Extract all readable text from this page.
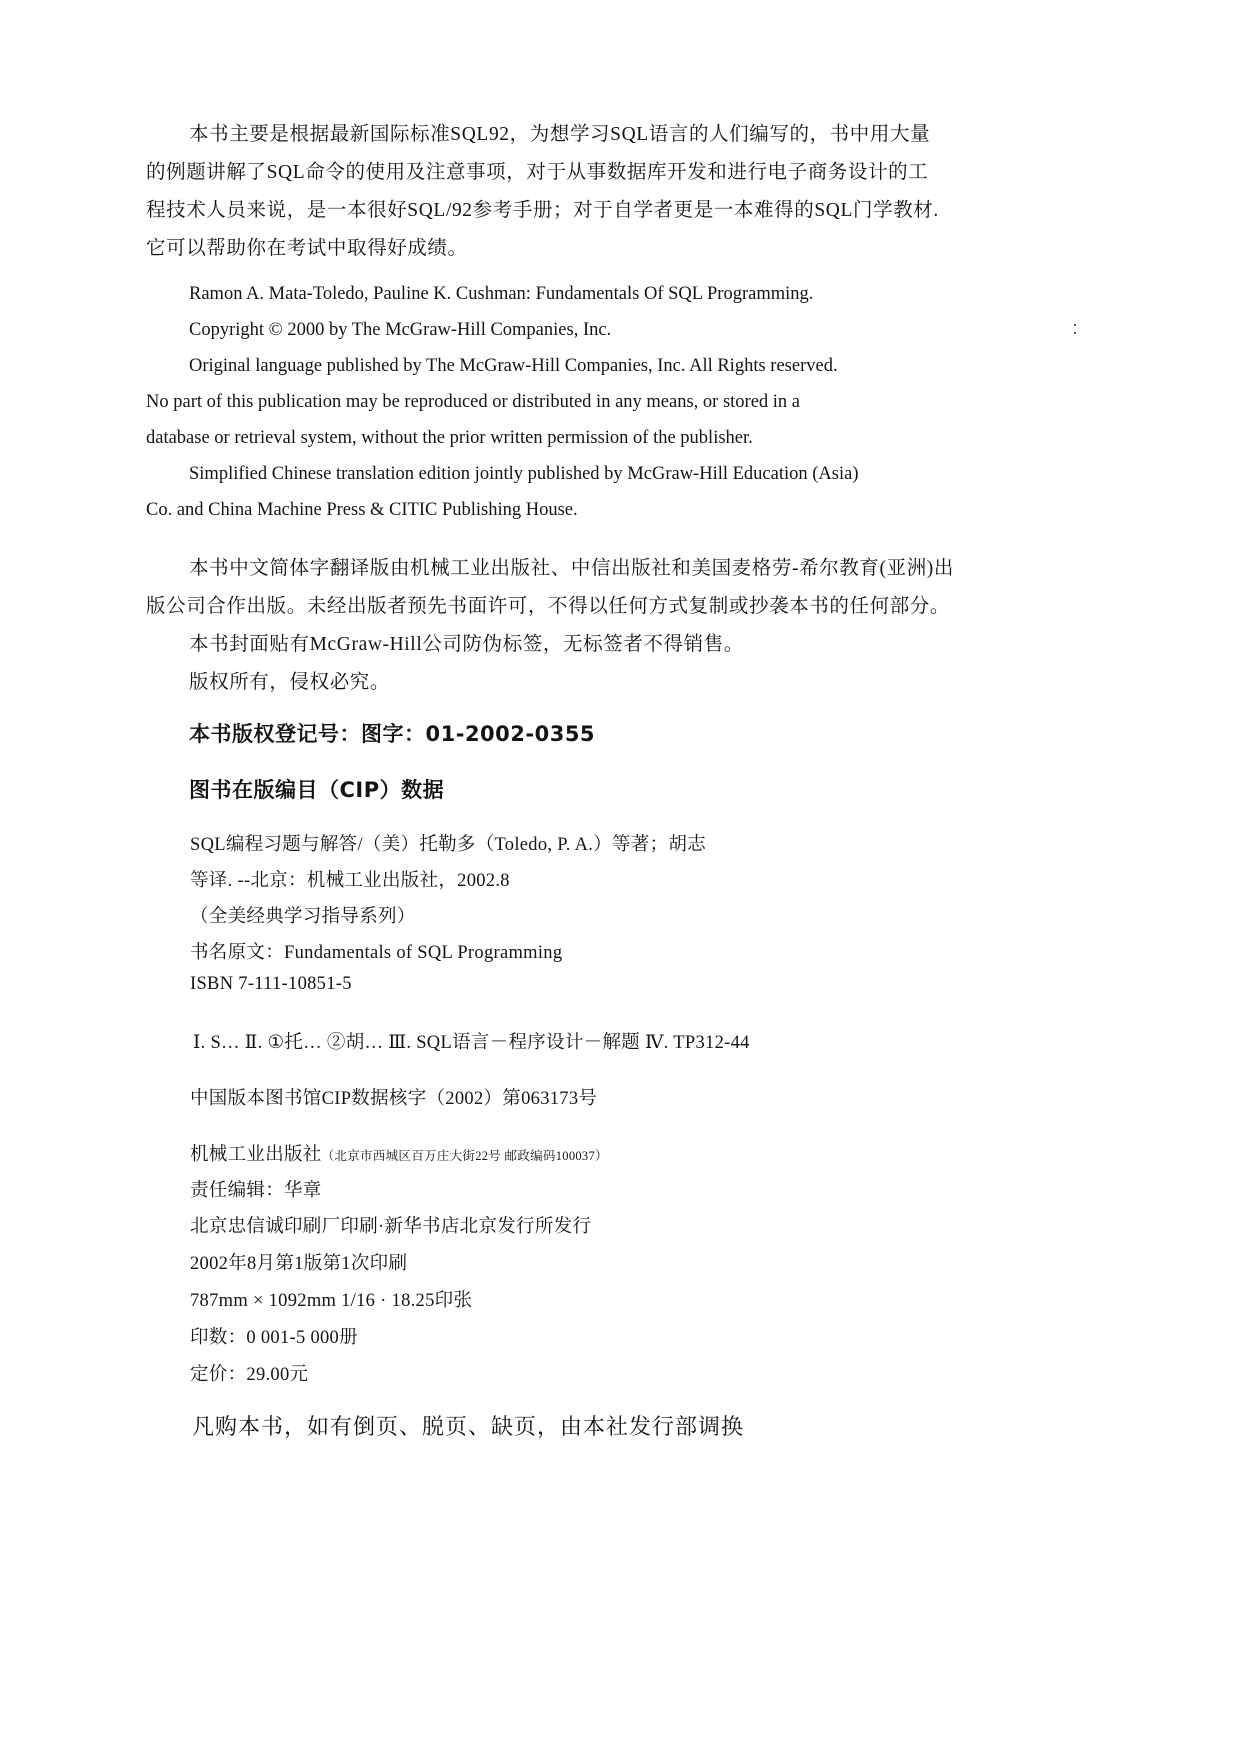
本书主要是根据最新国际标准SQL92，为想学习SQL语言的人们编写的，书中用大量
的例题讲解了SQL命令的使用及注意事项，对于从事数据库开发和进行电子商务设计的工
程技术人员来说，是一本很好SQL/92参考手册；对于自学者更是一本难得的SQL门学教材.
它可以帮助你在考试中取得好成绩。
Ramon A. Mata-Toledo, Pauline K. Cushman: Fundamentals Of SQL Programming.
Copyright © 2000 by The McGraw-Hill Companies, Inc.
Original language published by The McGraw-Hill Companies, Inc. All Rights reserved.
No part of this publication may be reproduced or distributed in any means, or stored in a
database or retrieval system, without the prior written permission of the publisher.
Simplified Chinese translation edition jointly published by McGraw-Hill Education (Asia)
Co. and China Machine Press & CITIC Publishing House.
本书中文简体字翻译版由机械工业出版社、中信出版社和美国麦格劳-希尔教育(亚洲)出
版公司合作出版。未经出版者预先书面许可，不得以任何方式复制或抄袭本书的任何部分。
本书封面贴有McGraw-Hill公司防伪标签，无标签者不得销售。
版权所有，侵权必究。
本书版权登记号：图字：01-2002-0355
图书在版编目（CIP）数据
SQL编程习题与解答/（美）托勒多（Toledo, P. A.）等著；胡志
等译. --北京：机械工业出版社，2002.8
（全美经典学习指导系列）
书名原文：Fundamentals of SQL Programming
ISBN 7-111-10851-5
Ⅰ. S… Ⅱ. ①托… ②胡… Ⅲ. SQL语言－程序设计－解题 Ⅳ. TP312-44
中国版本图书馆CIP数据核字（2002）第063173号
机械工业出版社（北京市西城区百万庄大街22号 邮政编码100037）
责任编辑：华章
北京忠信诚印刷厂印刷·新华书店北京发行所发行
2002年8月第1版第1次印刷
787mm × 1092mm 1/16 · 18.25印张
印数：0 001-5 000册
定价：29.00元
凡购本书，如有倒页、脱页、缺页，由本社发行部调换
